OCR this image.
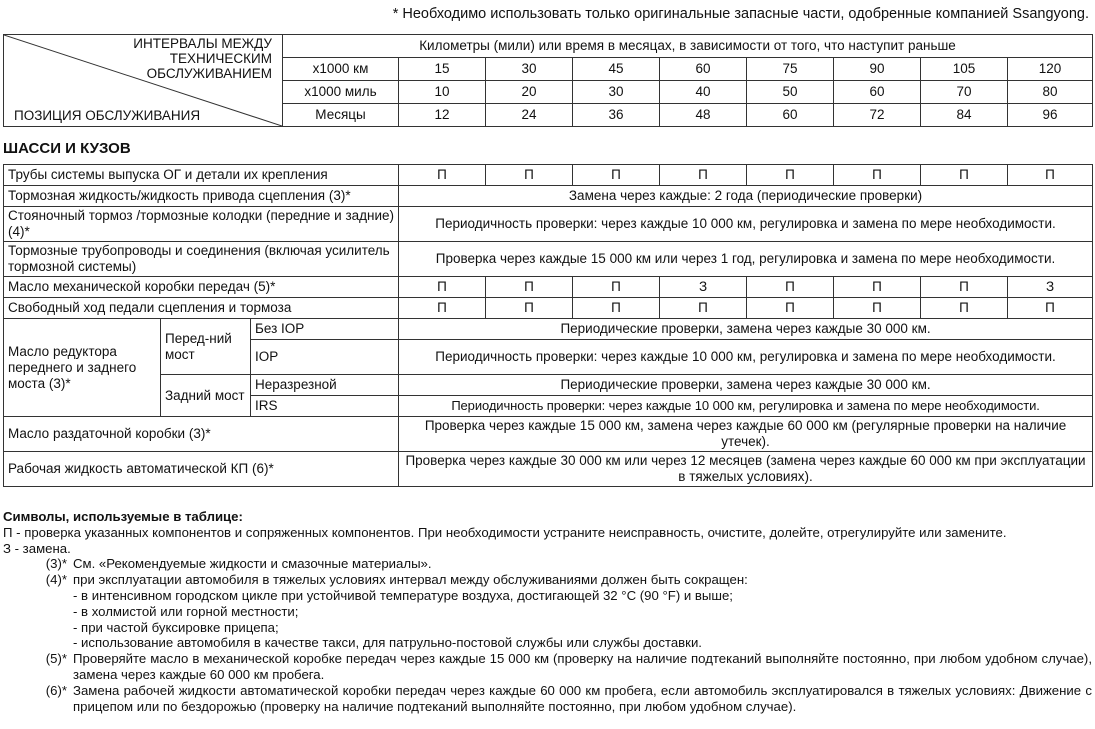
* Необходимо использовать только оригинальные запасные части, одобренные компанией Ssangyong.
ИНТЕРВАЛЫ МЕЖДУ ТЕХНИЧЕСКИМ ОБСЛУЖИВАНИЕМ
ПОЗИЦИЯ ОБСЛУЖИВАНИЯ	Километры (мили) или время в месяцах, в зависимости от того, что наступит раньше								
	x1000 км	15	30	45	60	75	90	105	120
	x1000 миль	10	20	30	40	50	60	70	80
	Месяцы	12	24	36	48	60	72	84	96
ШАССИ И КУЗОВ
Трубы системы выпуска ОГ и детали их крепления			П	П	П	П	П	П	П	П
Тормозная жидкость/жидкость привода сцепления (3)*			Замена через каждые: 2 года (периодические проверки)							
Стояночный тормоз /тормозные колодки (передние и задние) (4)*			Периодичность проверки: через каждые 10 000 км, регулировка и замена по мере необходимости.							
Тормозные трубопроводы и соединения (включая усилитель тормозной системы)			Проверка через каждые 15 000 км или через 1 год, регулировка и замена по мере необходимости.							
Масло механической коробки передач (5)*			П	П	П	З	П	П	П	З
Свободный ход педали сцепления и тормоза			П	П	П	П	П	П	П	П
Масло редуктора переднего и заднего моста (3)*	Перед-ний мост	Без IOP	Периодические проверки, замена через каждые 30 000 км.							
		IOP	Периодичность проверки: через каждые 10 000 км, регулировка и замена по мере необходимости.							
	Задний мост	Неразрезной	Периодические проверки, замена через каждые 30 000 км.							
		IRS	Периодичность проверки: через каждые 10 000 км, регулировка и замена по мере необходимости.							
Масло раздаточной коробки (3)*			Проверка через каждые 15 000 км, замена через каждые 60 000 км (регулярные проверки на наличие утечек).							
Рабочая жидкость автоматической КП (6)*			Проверка через каждые 30 000 км или через 12 месяцев (замена через каждые 60 000 км при эксплуатации в тяжелых условиях).							
Символы, используемые в таблице:
П - проверка указанных компонентов и сопряженных компонентов. При необходимости устраните неисправность, очистите, долейте, отрегулируйте или замените.
З - замена.
(3)* См. «Рекомендуемые жидкости и смазочные материалы».
(4)* при эксплуатации автомобиля в тяжелых условиях интервал между обслуживаниями должен быть сокращен:
- в интенсивном городском цикле при устойчивой температуре воздуха, достигающей 32 °C (90 °F) и выше;
- в холмистой или горной местности;
- при частой буксировке прицепа;
- использование автомобиля в качестве такси, для патрульно-постовой службы или службы доставки.
(5)* Проверяйте масло в механической коробке передач через каждые 15 000 км (проверку на наличие подтеканий выполняйте постоянно, при любом удобном случае), замена через каждые 60 000 км пробега.
(6)* Замена рабочей жидкости автоматической коробки передач через каждые 60 000 км пробега, если автомобиль эксплуатировался в тяжелых условиях: Движение с прицепом или по бездорожью (проверку на наличие подтеканий выполняйте постоянно, при любом удобном случае).
